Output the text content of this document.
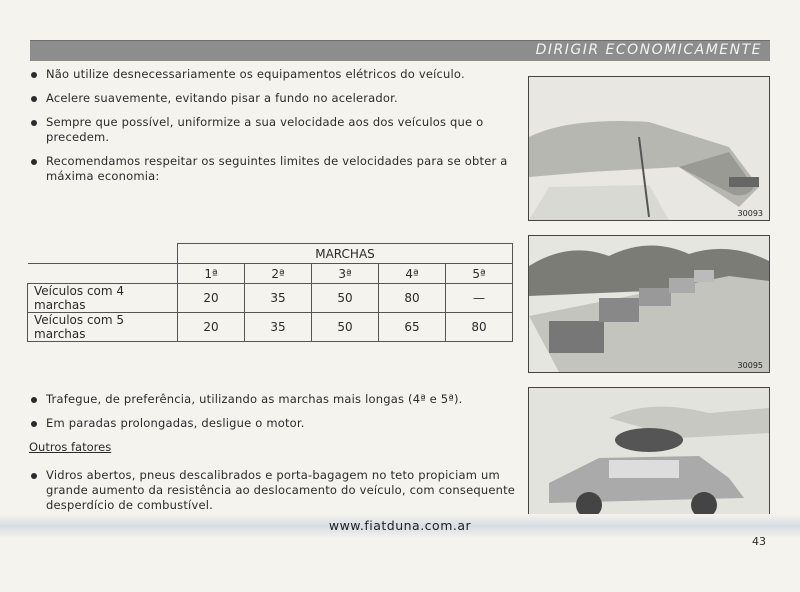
DIRIGIR ECONOMICAMENTE
Não utilize desnecessariamente os equipamentos elétricos do veículo.
Acelere suavemente, evitando pisar a fundo no acelerador.
Sempre que possível, uniformize a sua velocidade aos dos veículos que o precedem.
Recomendamos respeitar os seguintes limites de velocidades para se obter a máxima economia:
	MARCHAS				
	1ª	2ª	3ª	4ª	5ª
Veículos com 4 marchas	20	35	50	80	—
Veículos com 5 marchas	20	35	50	65	80
Trafegue, de preferência, utilizando as marchas mais longas (4ª e 5ª).
Em paradas prolongadas, desligue o motor.
Outros fatores
Vidros abertos, pneus descalibrados e porta-bagagem no teto propiciam um grande aumento da resistência ao deslocamento do veículo, com consequente desperdício de combustível.
30093
30095
www.fiatduna.com.ar
43
